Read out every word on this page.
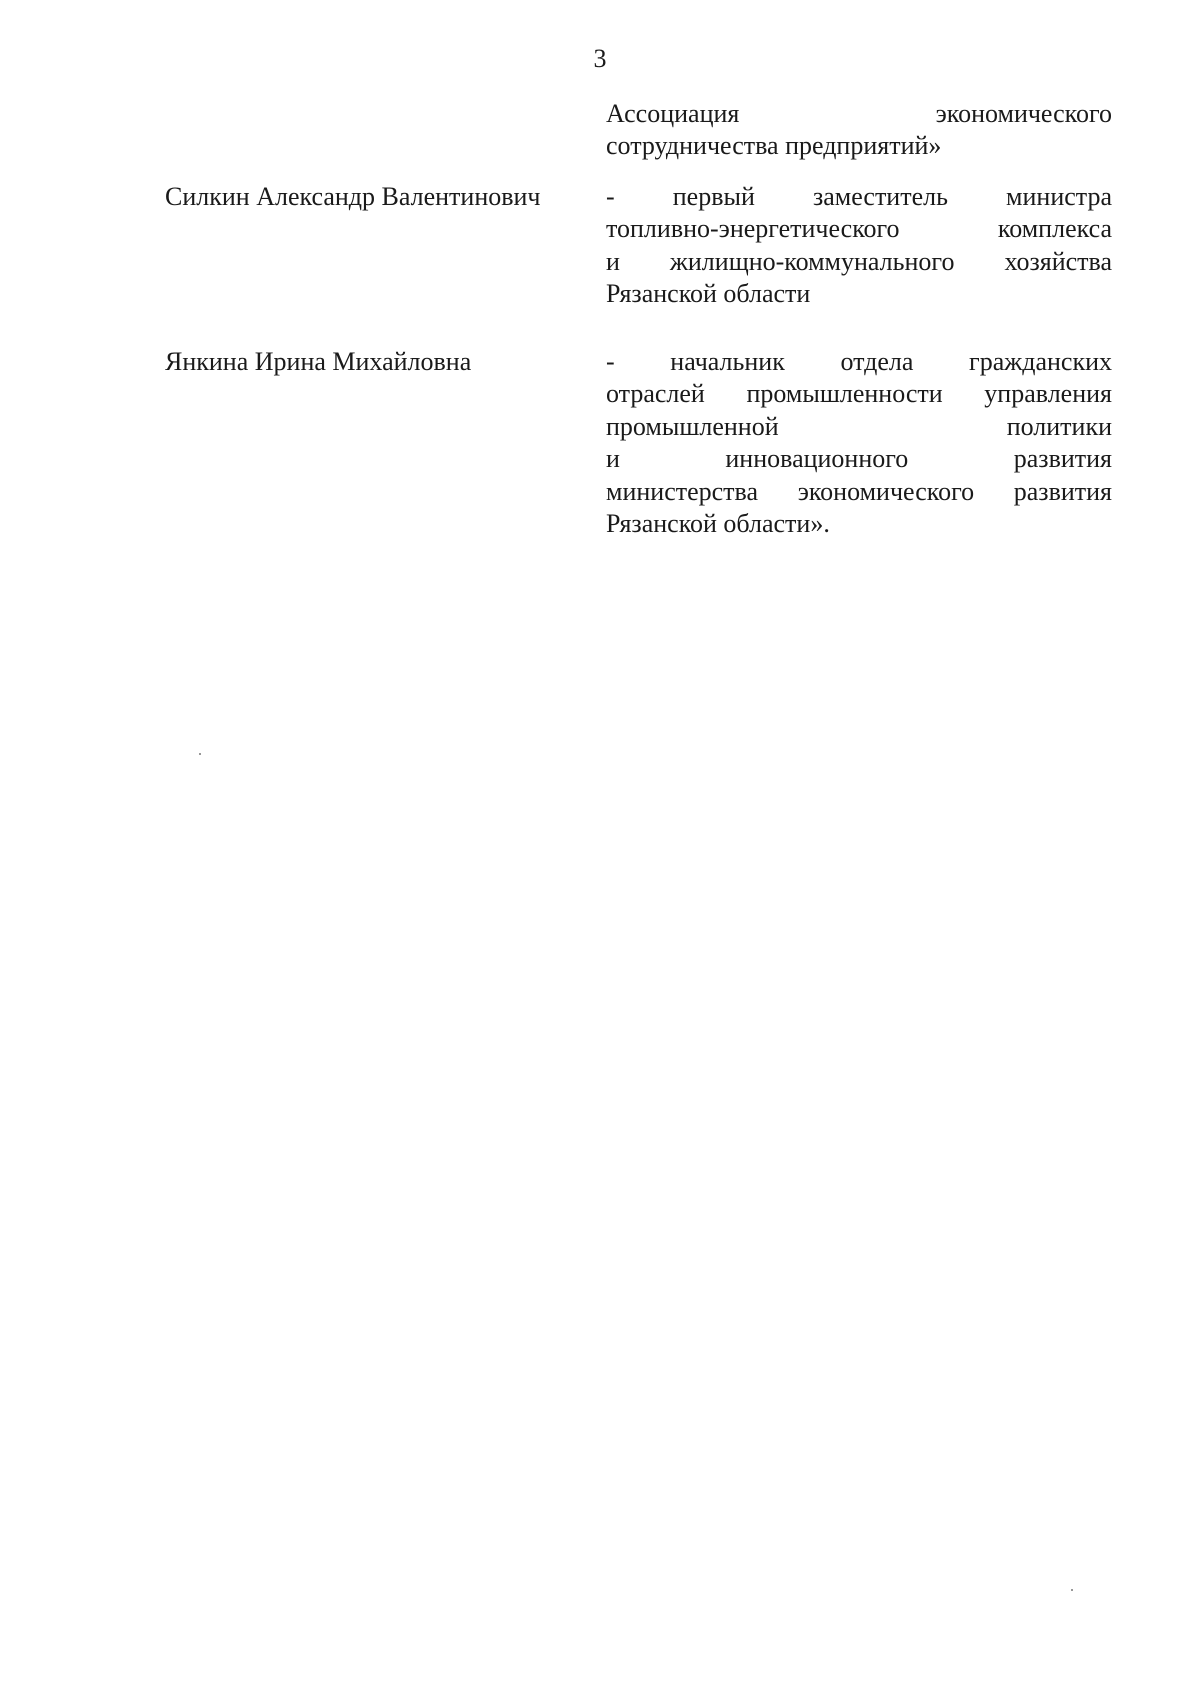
3
Ассоциация экономического
сотрудничества предприятий»
Силкин Александр Валентинович	- первый заместитель министра
топливно-энергетического комплекса
и жилищно-коммунального хозяйства
Рязанской области
Янкина Ирина Михайловна	- начальник отдела гражданских
отраслей промышленности управления
промышленной политики
и инновационного развития
министерства экономического развития
Рязанской области».
